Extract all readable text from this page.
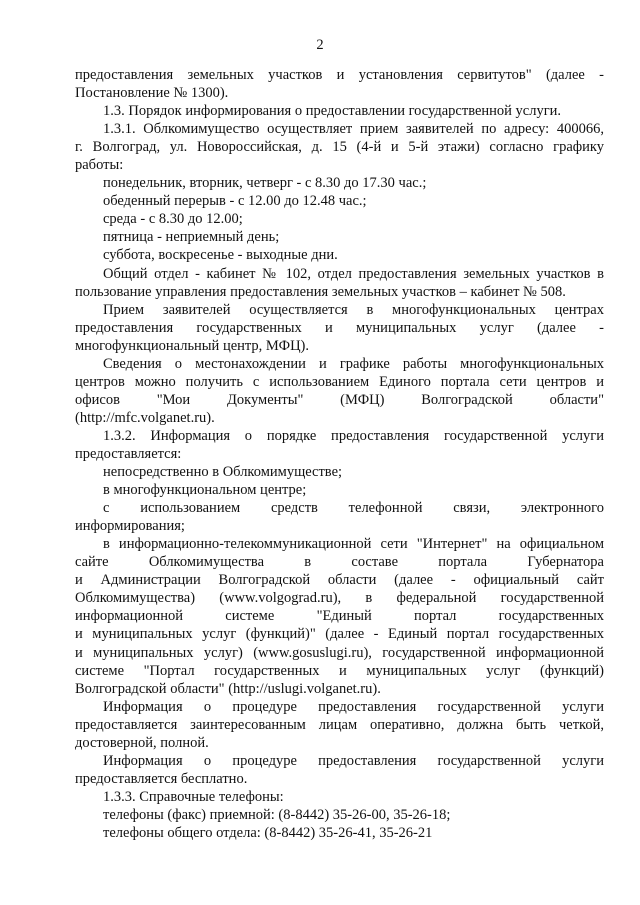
2
предоставления земельных участков и установления сервитутов" (далее -
Постановление № 1300).
1.3. Порядок информирования о предоставлении государственной услуги.
1.3.1. Облкомимущество осуществляет прием заявителей по адресу: 400066,
г. Волгоград, ул. Новороссийская, д. 15 (4-й и 5-й этажи) согласно графику
работы:
понедельник, вторник, четверг - с 8.30 до 17.30 час.;
обеденный перерыв - с 12.00 до 12.48 час.;
среда - с 8.30 до 12.00;
пятница - неприемный день;
суббота, воскресенье - выходные дни.
Общий отдел - кабинет № 102, отдел предоставления земельных участков в
пользование управления предоставления земельных участков – кабинет № 508.
Прием заявителей осуществляется в многофункциональных центрах
предоставления государственных и муниципальных услуг (далее -
многофункциональный центр, МФЦ).
Сведения о местонахождении и графике работы многофункциональных
центров можно получить с использованием Единого портала сети центров и
офисов "Мои Документы" (МФЦ) Волгоградской области"
(http://mfc.volganet.ru).
1.3.2. Информация о порядке предоставления государственной услуги
предоставляется:
непосредственно в Облкомимуществе;
в многофункциональном центре;
с использованием средств телефонной связи, электронного
информирования;
в информационно-телекоммуникационной сети "Интернет" на официальном
сайте Облкомимущества в составе портала Губернатора
и Администрации Волгоградской области (далее - официальный сайт
Облкомимущества) (www.volgograd.ru), в федеральной государственной
информационной системе "Единый портал государственных
и муниципальных услуг (функций)" (далее - Единый портал государственных
и муниципальных услуг) (www.gosuslugi.ru), государственной информационной
системе "Портал государственных и муниципальных услуг (функций)
Волгоградской области" (http://uslugi.volganet.ru).
Информация о процедуре предоставления государственной услуги
предоставляется заинтересованным лицам оперативно, должна быть четкой,
достоверной, полной.
Информация о процедуре предоставления государственной услуги
предоставляется бесплатно.
1.3.3. Справочные телефоны:
телефоны (факс) приемной: (8-8442) 35-26-00, 35-26-18;
телефоны общего отдела: (8-8442) 35-26-41, 35-26-21
